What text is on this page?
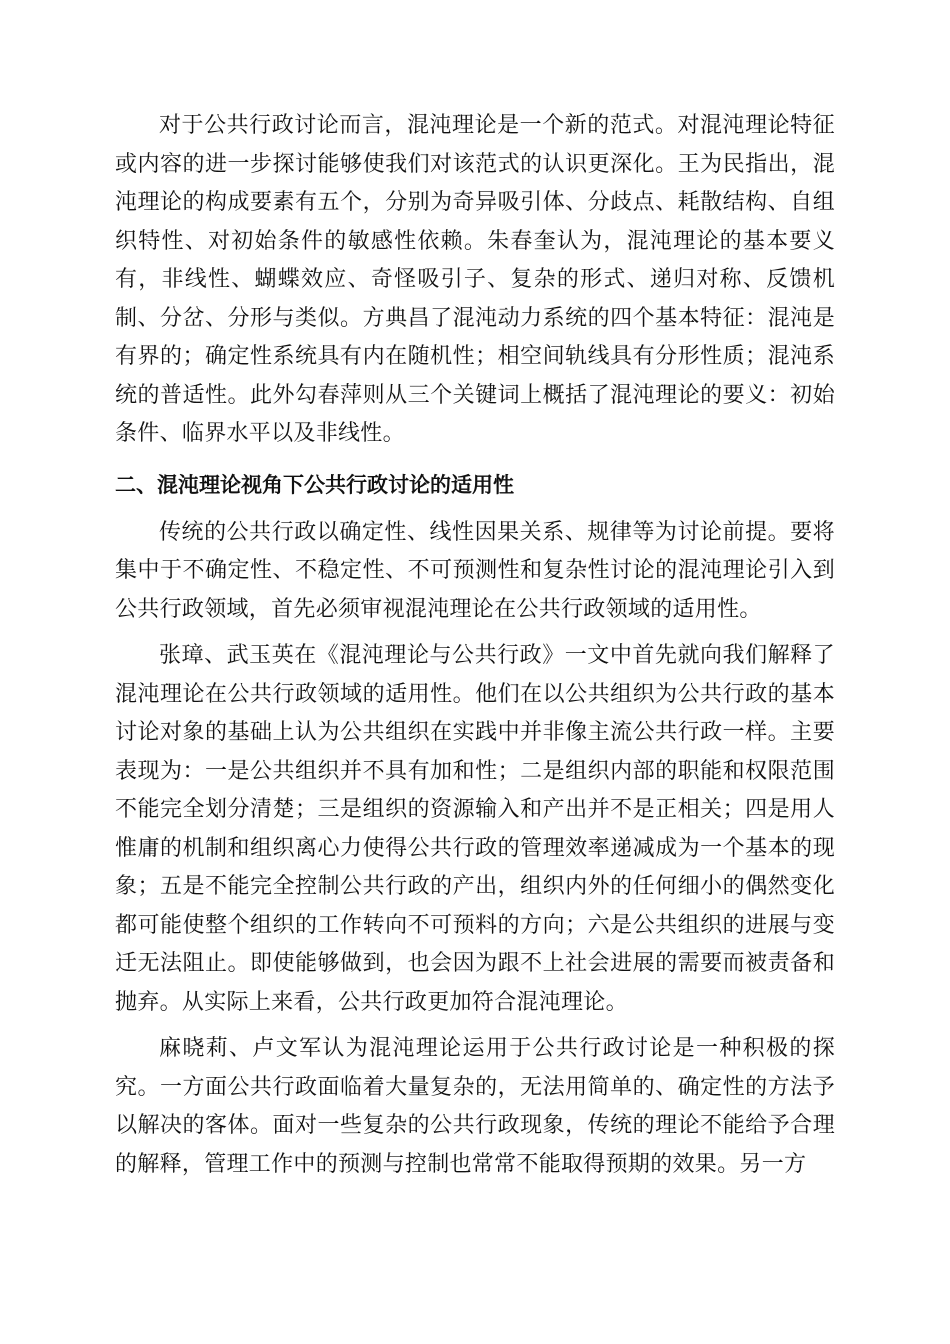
对于公共行政讨论而言，混沌理论是一个新的范式。对混沌理论特征或内容的进一步探讨能够使我们对该范式的认识更深化。王为民指出，混沌理论的构成要素有五个，分别为奇异吸引体、分歧点、耗散结构、自组织特性、对初始条件的敏感性依赖。朱春奎认为，混沌理论的基本要义有，非线性、蝴蝶效应、奇怪吸引子、复杂的形式、递归对称、反馈机制、分岔、分形与类似。方典昌了混沌动力系统的四个基本特征：混沌是有界的；确定性系统具有内在随机性；相空间轨线具有分形性质；混沌系统的普适性。此外勾春萍则从三个关键词上概括了混沌理论的要义：初始条件、临界水平以及非线性。

二、混沌理论视角下公共行政讨论的适用性

传统的公共行政以确定性、线性因果关系、规律等为讨论前提。要将集中于不确定性、不稳定性、不可预测性和复杂性讨论的混沌理论引入到公共行政领域，首先必须审视混沌理论在公共行政领域的适用性。

张璋、武玉英在《混沌理论与公共行政》一文中首先就向我们解释了混沌理论在公共行政领域的适用性。他们在以公共组织为公共行政的基本讨论对象的基础上认为公共组织在实践中并非像主流公共行政一样。主要表现为：一是公共组织并不具有加和性；二是组织内部的职能和权限范围不能完全划分清楚；三是组织的资源输入和产出并不是正相关；四是用人惟庸的机制和组织离心力使得公共行政的管理效率递减成为一个基本的现象；五是不能完全控制公共行政的产出，组织内外的任何细小的偶然变化都可能使整个组织的工作转向不可预料的方向；六是公共组织的进展与变迁无法阻止。即使能够做到，也会因为跟不上社会进展的需要而被责备和抛弃。从实际上来看，公共行政更加符合混沌理论。

麻晓莉、卢文军认为混沌理论运用于公共行政讨论是一种积极的探究。一方面公共行政面临着大量复杂的，无法用简单的、确定性的方法予以解决的客体。面对一些复杂的公共行政现象，传统的理论不能给予合理的解释，管理工作中的预测与控制也常常不能取得预期的效果。另一方
